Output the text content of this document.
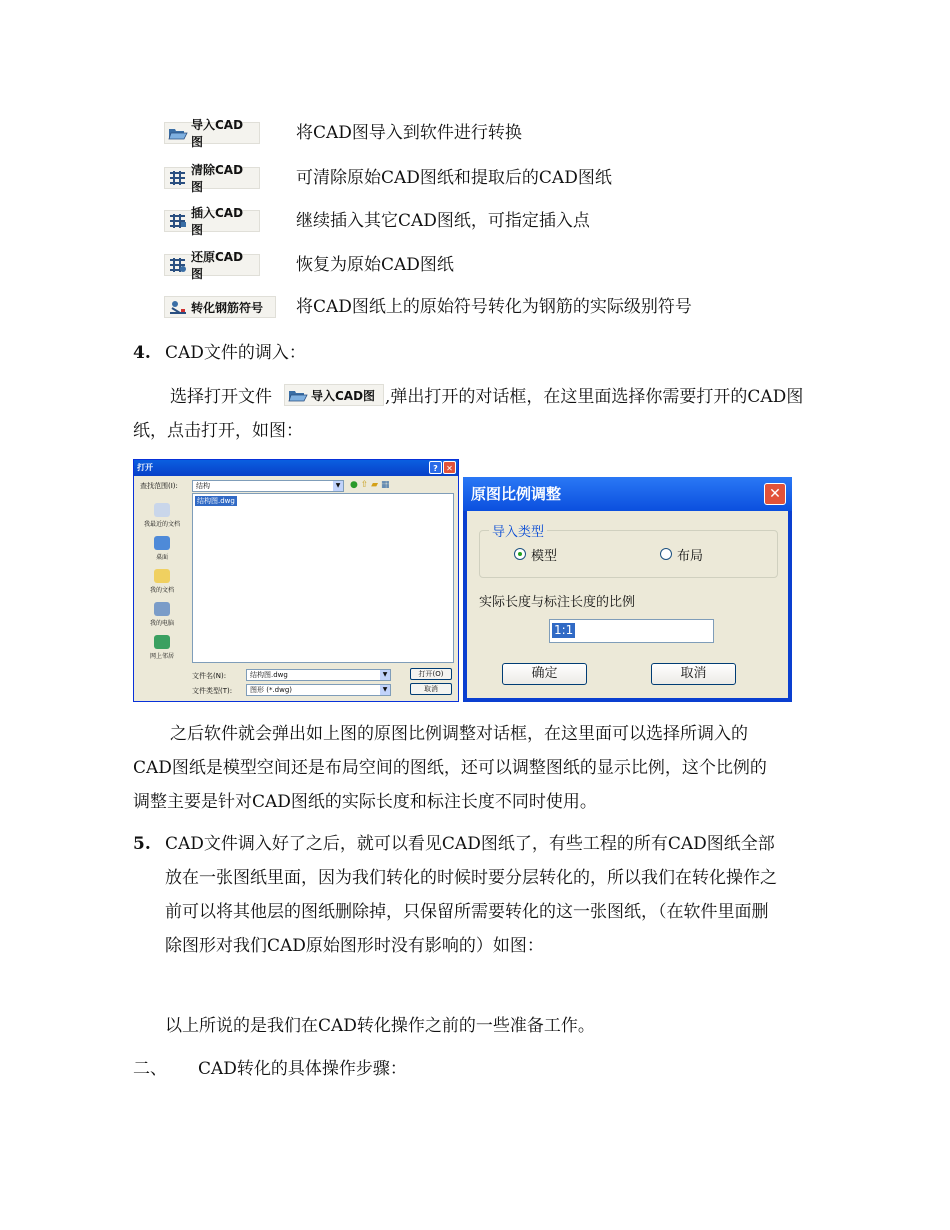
导入CAD图	将CAD图导入到软件进行转换
清除CAD图	可清除原始CAD图纸和提取后的CAD图纸
插入CAD图	继续插入其它CAD图纸，可指定插入点
还原CAD图	恢复为原始CAD图纸
转化钢筋符号 将CAD图纸上的原始符号转化为钢筋的实际级别符号
4. CAD文件的调入：
选择打开文件	导入CAD图 ,弹出打开的对话框，在这里面选择你需要打开的CAD图
纸，点击打开，如图：
打开	?	✕
查找范围(I):	结构	▼ ● ⇧ ▰ ▦
我最近的文档
桌面
我的文档
我的电脑
网上邻居
结构图.dwg
文件名(N):	结构图.dwg	▼
文件类型(T):	图形 (*.dwg)	▼
打开(O)
取消
原图比例调整	✕
导入类型
模型	布局
实际长度与标注长度的比例
1:1
确定	取消
之后软件就会弹出如上图的原图比例调整对话框，在这里面可以选择所调入的
CAD图纸是模型空间还是布局空间的图纸，还可以调整图纸的显示比例，这个比例的
调整主要是针对CAD图纸的实际长度和标注长度不同时使用。
5. CAD文件调入好了之后，就可以看见CAD图纸了，有些工程的所有CAD图纸全部
放在一张图纸里面，因为我们转化的时候时要分层转化的，所以我们在转化操作之
前可以将其他层的图纸删除掉，只保留所需要转化的这一张图纸，（在软件里面删
除图形对我们CAD原始图形时没有影响的）如图：
以上所说的是我们在CAD转化操作之前的一些准备工作。
二、 CAD转化的具体操作步骤：
